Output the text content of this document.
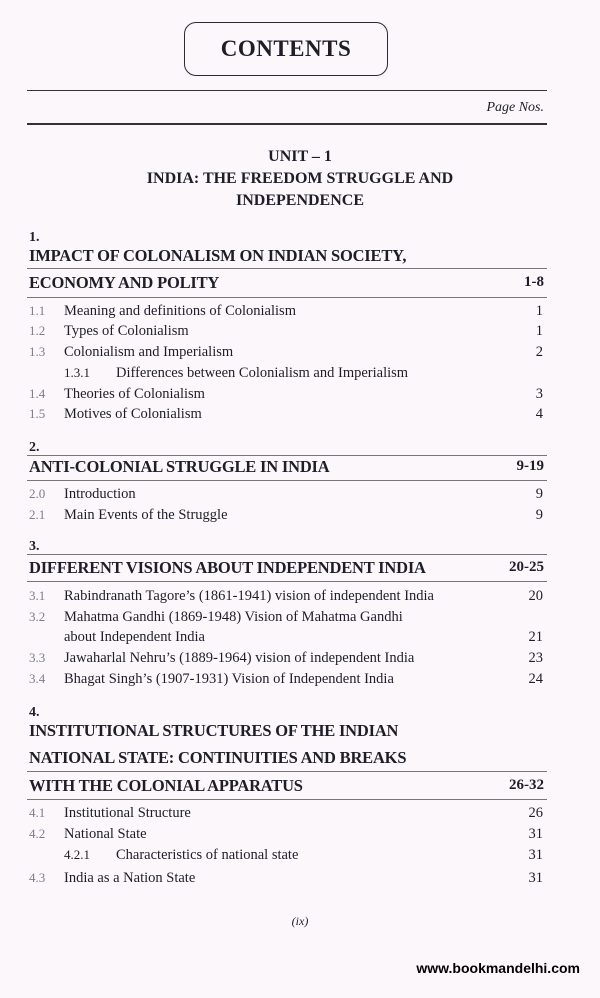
CONTENTS
Page Nos.
UNIT – 1
INDIA: THE FREEDOM STRUGGLE AND
INDEPENDENCE
1.
IMPACT OF COLONALISM ON INDIAN SOCIETY,
ECONOMY AND POLITY	1-8
1.1 Meaning and definitions of Colonialism	1
1.2 Types of Colonialism	1
1.3 Colonialism and Imperialism	2
1.3.1 Differences between Colonialism and Imperialism
1.4 Theories of Colonialism	3
1.5 Motives of Colonialism	4
2.
ANTI-COLONIAL STRUGGLE IN INDIA	9-19
2.0 Introduction	9
2.1 Main Events of the Struggle	9
3.
DIFFERENT VISIONS ABOUT INDEPENDENT INDIA	20-25
3.1 Rabindranath Tagore’s (1861-1941) vision of independent India	20
3.2 Mahatma Gandhi (1869-1948) Vision of Mahatma Gandhi
about Independent India	21
3.3 Jawaharlal Nehru’s (1889-1964) vision of independent India	23
3.4 Bhagat Singh’s (1907-1931) Vision of Independent India	24
4.
INSTITUTIONAL STRUCTURES OF THE INDIAN
NATIONAL STATE: CONTINUITIES AND BREAKS
WITH THE COLONIAL APPARATUS	26-32
4.1 Institutional Structure	26
4.2 National State	31
4.2.1 Characteristics of national state	31
4.3 India as a Nation State	31
(ix)
www.bookmandelhi.com
